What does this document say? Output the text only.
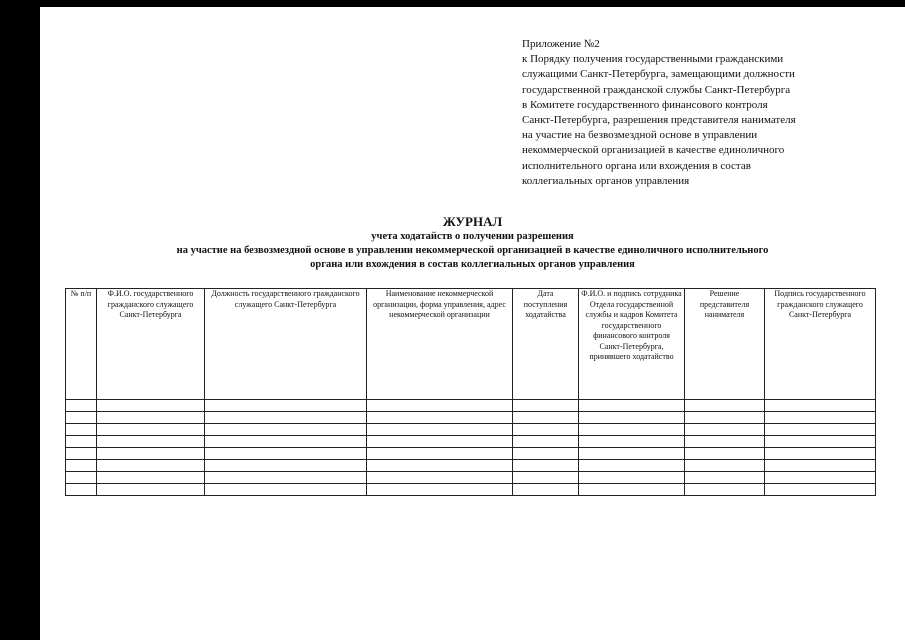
Приложение №2
к Порядку получения государственными гражданскими
служащими Санкт-Петербурга, замещающими должности
государственной гражданской службы Санкт-Петербурга
в Комитете государственного финансового контроля
Санкт-Петербурга, разрешения представителя нанимателя
на участие на безвозмездной основе в управлении
некоммерческой организацией в качестве единоличного
исполнительного органа или вхождения в состав
коллегиальных органов управления
ЖУРНАЛ
учета ходатайств о получении разрешения
на участие на безвозмездной основе в управлении некоммерческой организацией в качестве единоличного исполнительного
органа или вхождения в состав коллегиальных органов управления
№ п/п	Ф.И.О. государственного гражданского служащего Санкт-Петербурга	Должность государственного гражданского служащего Санкт-Петербурга	Наименование некоммерческой организации, форма управления, адрес некоммерческой организации	Дата поступления ходатайства	Ф.И.О. и подпись сотрудника Отдела государственной службы и кадров Комитета государственного финансового контроля Санкт-Петербурга, принявшего ходатайство	Решение представителя нанимателя	Подпись государственного гражданского служащего Санкт-Петербурга
